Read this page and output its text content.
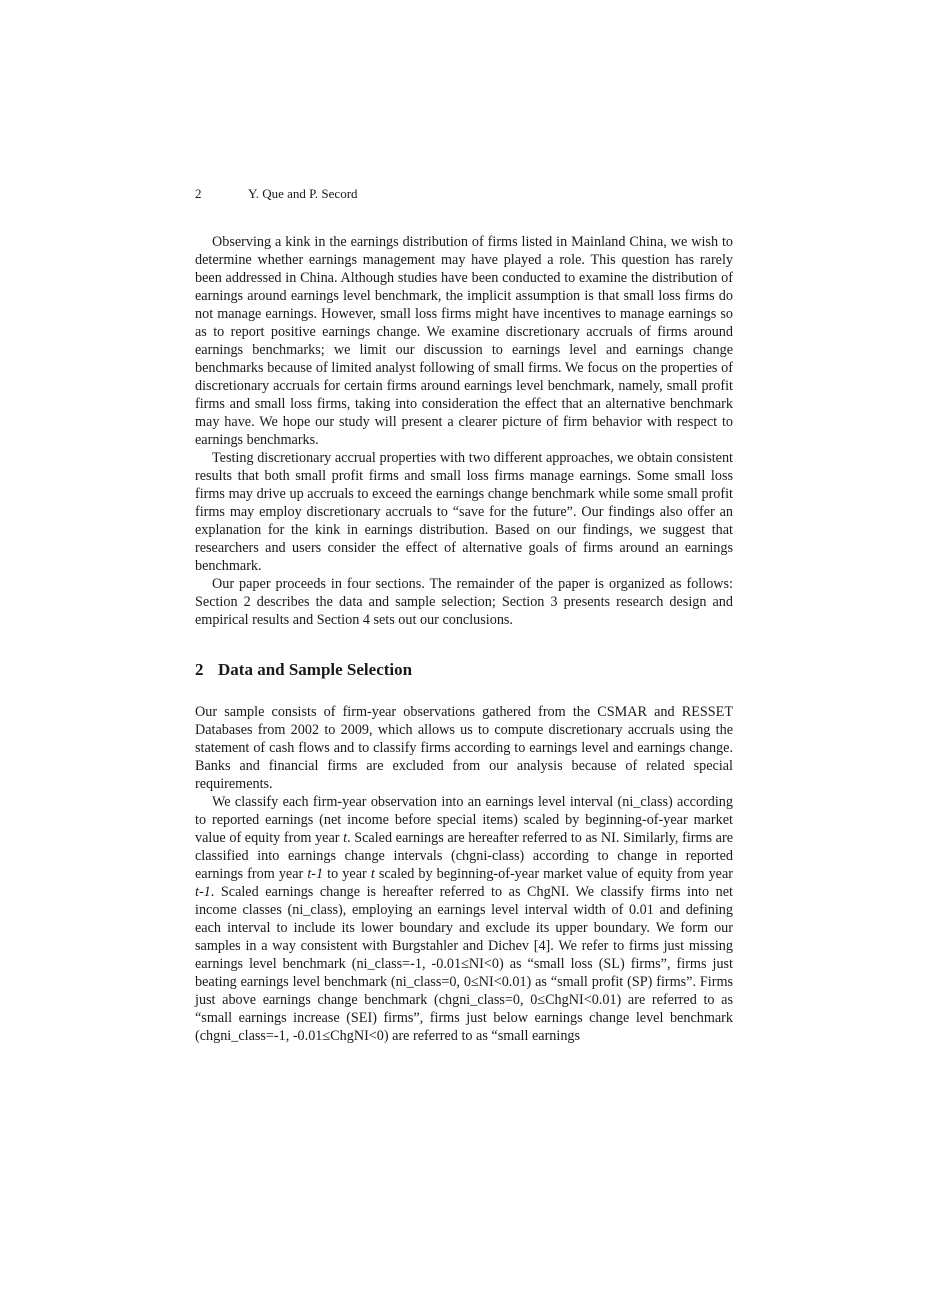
2	Y. Que and P. Secord

Observing a kink in the earnings distribution of firms listed in Mainland China, we wish to determine whether earnings management may have played a role. This question has rarely been addressed in China. Although studies have been conducted to examine the distribution of earnings around earnings level benchmark, the implicit assumption is that small loss firms do not manage earnings. However, small loss firms might have incentives to manage earnings so as to report positive earnings change. We examine discretionary accruals of firms around earnings benchmarks; we limit our discussion to earnings level and earnings change benchmarks because of limited analyst following of small firms. We focus on the properties of discretionary accruals for certain firms around earnings level benchmark, namely, small profit firms and small loss firms, taking into consideration the effect that an alternative benchmark may have. We hope our study will present a clearer picture of firm behavior with respect to earnings benchmarks.

Testing discretionary accrual properties with two different approaches, we obtain consistent results that both small profit firms and small loss firms manage earnings. Some small loss firms may drive up accruals to exceed the earnings change benchmark while some small profit firms may employ discretionary accruals to “save for the future”. Our findings also offer an explanation for the kink in earnings distribution. Based on our findings, we suggest that researchers and users consider the effect of alternative goals of firms around an earnings benchmark.

Our paper proceeds in four sections. The remainder of the paper is organized as follows: Section 2 describes the data and sample selection; Section 3 presents research design and empirical results and Section 4 sets out our conclusions.

2 Data and Sample Selection

Our sample consists of firm-year observations gathered from the CSMAR and RESSET Databases from 2002 to 2009, which allows us to compute discretionary accruals using the statement of cash flows and to classify firms according to earnings level and earnings change. Banks and financial firms are excluded from our analysis because of related special requirements.

We classify each firm-year observation into an earnings level interval (ni_class) according to reported earnings (net income before special items) scaled by beginning-of-year market value of equity from year t. Scaled earnings are hereafter referred to as NI. Similarly, firms are classified into earnings change intervals (chgni-class) according to change in reported earnings from year t-1 to year t scaled by beginning-of-year market value of equity from year t-1. Scaled earnings change is hereafter referred to as ChgNI. We classify firms into net income classes (ni_class), employing an earnings level interval width of 0.01 and defining each interval to include its lower boundary and exclude its upper boundary. We form our samples in a way consistent with Burgstahler and Dichev [4]. We refer to firms just missing earnings level benchmark (ni_class=-1, -0.01≤NI<0) as “small loss (SL) firms”, firms just beating earnings level benchmark (ni_class=0, 0≤NI<0.01) as “small profit (SP) firms”. Firms just above earnings change benchmark (chgni_class=0, 0≤ChgNI<0.01) are referred to as “small earnings increase (SEI) firms”, firms just below earnings change level benchmark (chgni_class=-1, -0.01≤ChgNI<0) are referred to as “small earnings
